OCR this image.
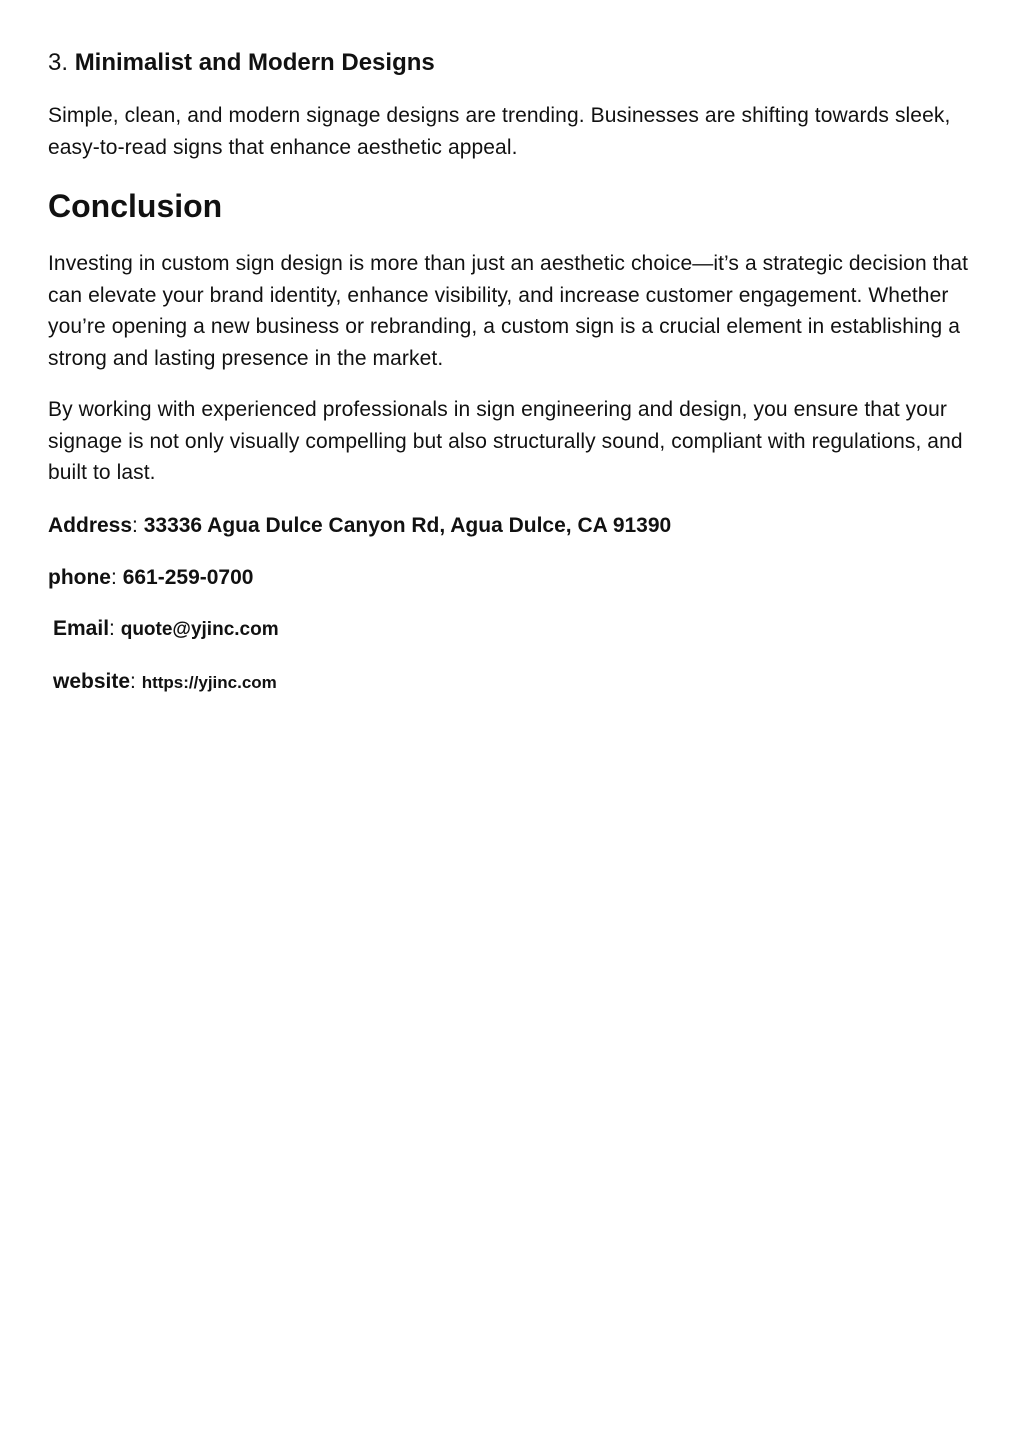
3. Minimalist and Modern Designs

Simple, clean, and modern signage designs are trending. Businesses are shifting towards sleek, easy-to-read signs that enhance aesthetic appeal.

Conclusion

Investing in custom sign design is more than just an aesthetic choice—it’s a strategic decision that can elevate your brand identity, enhance visibility, and increase customer engagement. Whether you’re opening a new business or rebranding, a custom sign is a crucial element in establishing a strong and lasting presence in the market.

By working with experienced professionals in sign engineering and design, you ensure that your signage is not only visually compelling but also structurally sound, compliant with regulations, and built to last.

Address: 33336 Agua Dulce Canyon Rd, Agua Dulce, CA 91390

phone: 661-259-0700

Email: quote@yjinc.com

website: https://yjinc.com
